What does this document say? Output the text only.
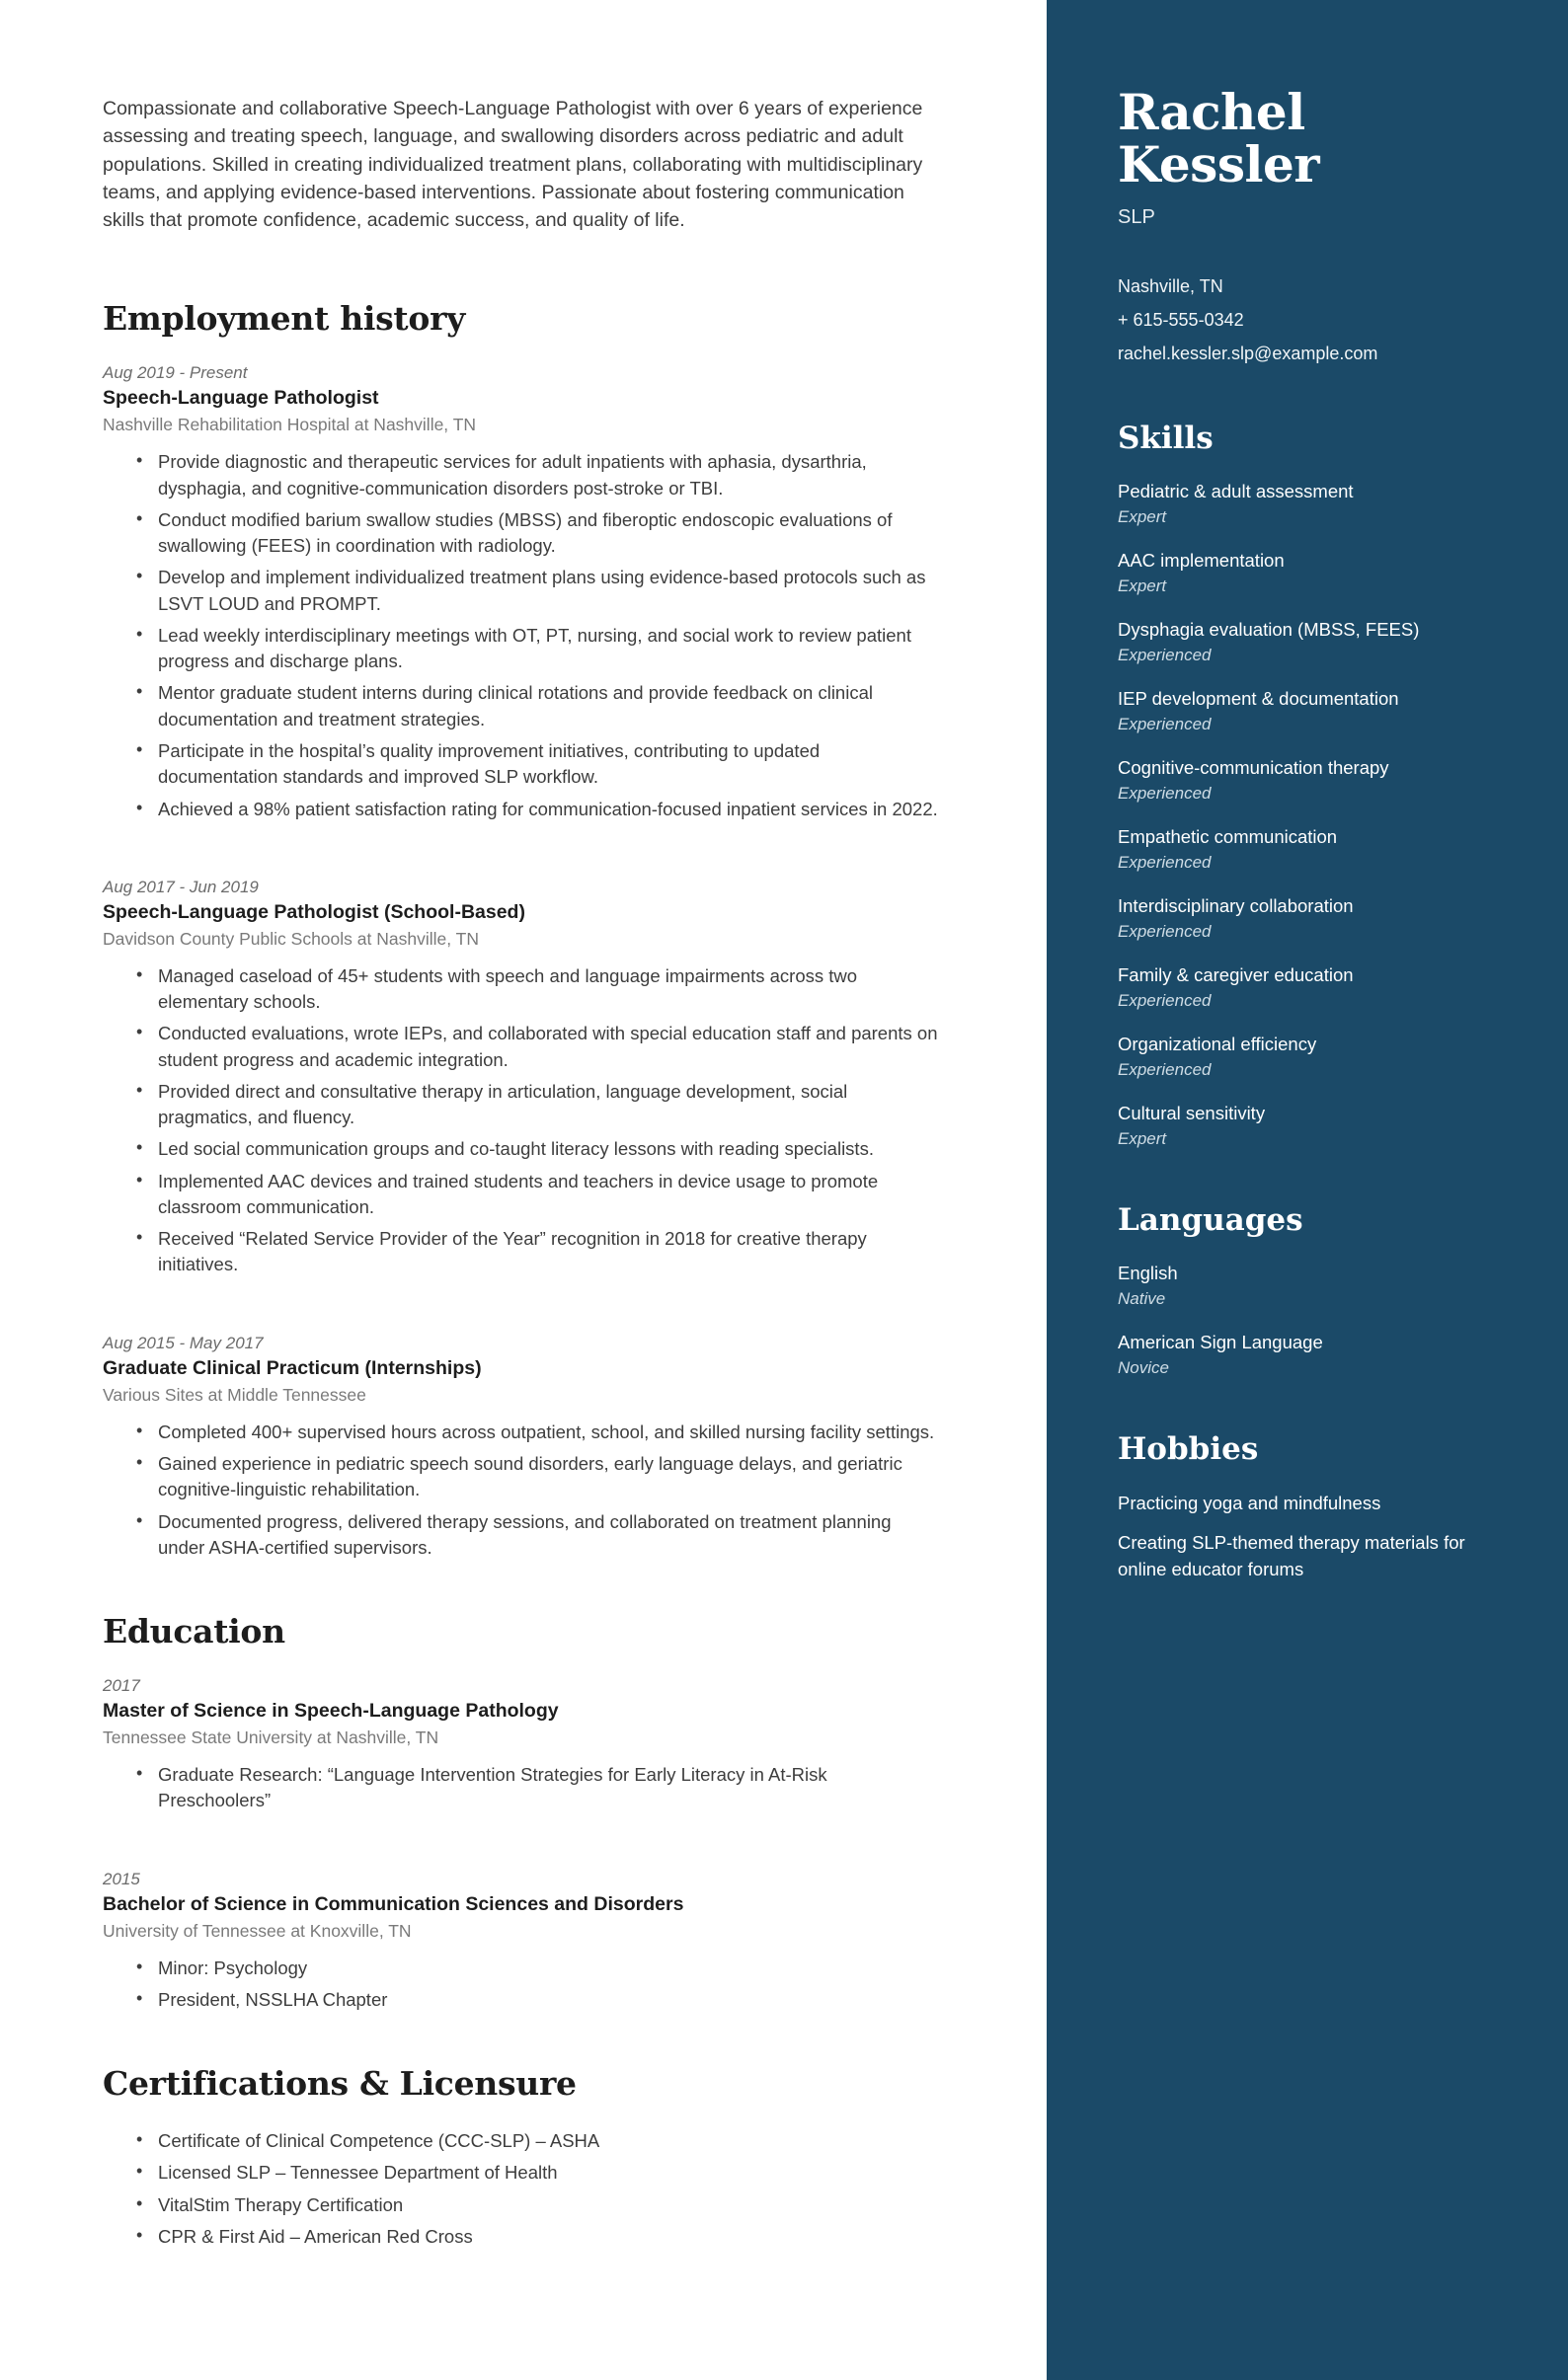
Compassionate and collaborative Speech-Language Pathologist with over 6 years of experience assessing and treating speech, language, and swallowing disorders across pediatric and adult populations. Skilled in creating individualized treatment plans, collaborating with multidisciplinary teams, and applying evidence-based interventions. Passionate about fostering communication skills that promote confidence, academic success, and quality of life.

Employment history
Aug 2019 - Present
Speech-Language Pathologist
Nashville Rehabilitation Hospital at Nashville, TN
• Provide diagnostic and therapeutic services for adult inpatients with aphasia, dysarthria, dysphagia, and cognitive-communication disorders post-stroke or TBI.
• Conduct modified barium swallow studies (MBSS) and fiberoptic endoscopic evaluations of swallowing (FEES) in coordination with radiology.
• Develop and implement individualized treatment plans using evidence-based protocols such as LSVT LOUD and PROMPT.
• Lead weekly interdisciplinary meetings with OT, PT, nursing, and social work to review patient progress and discharge plans.
• Mentor graduate student interns during clinical rotations and provide feedback on clinical documentation and treatment strategies.
• Participate in the hospital’s quality improvement initiatives, contributing to updated documentation standards and improved SLP workflow.
• Achieved a 98% patient satisfaction rating for communication-focused inpatient services in 2022.
Aug 2017 - Jun 2019
Speech-Language Pathologist (School-Based)
Davidson County Public Schools at Nashville, TN
• Managed caseload of 45+ students with speech and language impairments across two elementary schools.
• Conducted evaluations, wrote IEPs, and collaborated with special education staff and parents on student progress and academic integration.
• Provided direct and consultative therapy in articulation, language development, social pragmatics, and fluency.
• Led social communication groups and co-taught literacy lessons with reading specialists.
• Implemented AAC devices and trained students and teachers in device usage to promote classroom communication.
• Received “Related Service Provider of the Year” recognition in 2018 for creative therapy initiatives.
Aug 2015 - May 2017
Graduate Clinical Practicum (Internships)
Various Sites at Middle Tennessee
• Completed 400+ supervised hours across outpatient, school, and skilled nursing facility settings.
• Gained experience in pediatric speech sound disorders, early language delays, and geriatric cognitive-linguistic rehabilitation.
• Documented progress, delivered therapy sessions, and collaborated on treatment planning under ASHA-certified supervisors.
Education
2017
Master of Science in Speech-Language Pathology
Tennessee State University at Nashville, TN
• Graduate Research: “Language Intervention Strategies for Early Literacy in At-Risk Preschoolers”
2015
Bachelor of Science in Communication Sciences and Disorders
University of Tennessee at Knoxville, TN
• Minor: Psychology
• President, NSSLHA Chapter
Certifications & Licensure
• Certificate of Clinical Competence (CCC-SLP) – ASHA
• Licensed SLP – Tennessee Department of Health
• VitalStim Therapy Certification
• CPR & First Aid – American Red Cross
Rachel
Kessler
SLP
Nashville, TN
+ 615-555-0342
rachel.kessler.slp@example.com
Skills
Pediatric & adult assessment
Expert
AAC implementation
Expert
Dysphagia evaluation (MBSS, FEES)
Experienced
IEP development & documentation
Experienced
Cognitive-communication therapy
Experienced
Empathetic communication
Experienced
Interdisciplinary collaboration
Experienced
Family & caregiver education
Experienced
Organizational efficiency
Experienced
Cultural sensitivity
Expert
Languages
English
Native
American Sign Language
Novice
Hobbies
Practicing yoga and mindfulness
Creating SLP-themed therapy materials for online educator forums
